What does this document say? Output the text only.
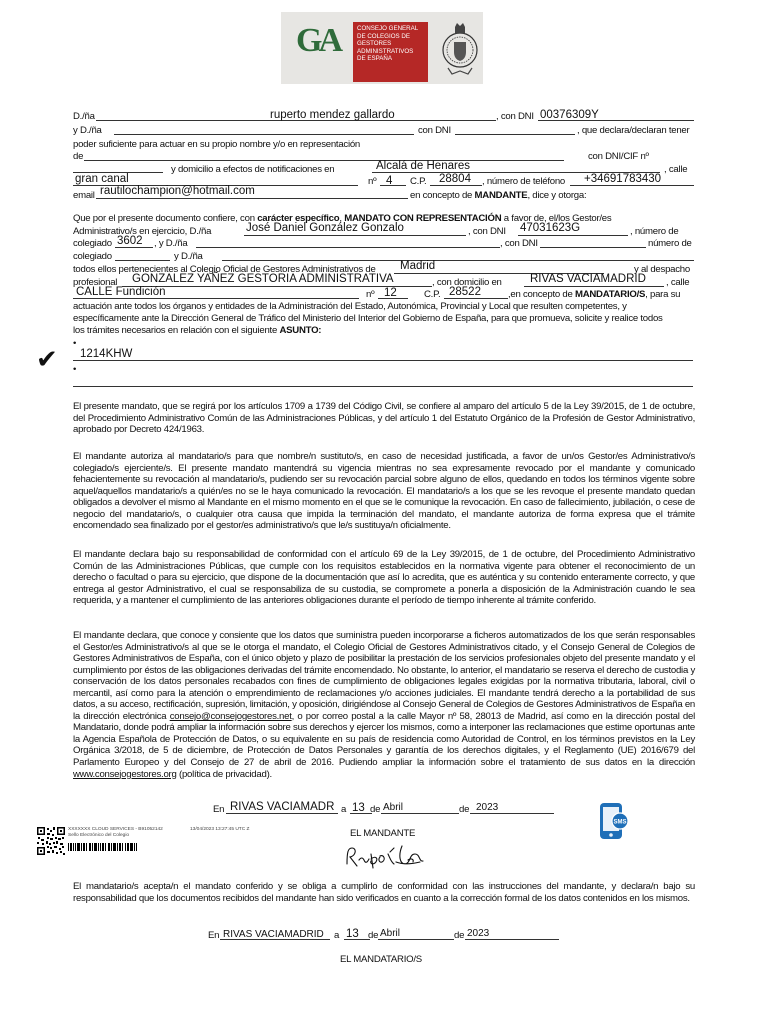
GA	CONSEJO GENERAL
DE COLEGIOS DE
GESTORES
ADMINISTRATIVOS
DE ESPAÑA
D./ña	ruperto mendez gallardo	, con DNI 00376309Y
y D./ña	con DNI	, que declara/declaran tener
poder suficiente para actuar en su propio nombre y/o en representación
de	con DNI/CIF nº
y domicilio a efectos de notificaciones en	Alcalá de Henares	, calle
gran canal	nº 4 C.P. 28804 , número de teléfono +34691783430
email rautilochampion@hotmail.com	en concepto de MANDANTE, dice y otorga:
Que por el presente documento confiere, con carácter específico, MANDATO CON REPRESENTACIÓN a favor de, el/los Gestor/es
Administrativo/s en ejercicio, D./ña	José Daniel González Gonzalo	, con DNI 47031623G	, número de
colegiado 3602 , y D./ña	, con DNI	número de
colegiado	y D./ña
todos ellos pertenecientes al Colegio Oficial de Gestores Administrativos de Madrid	y al despacho
profesional GONZALEZ YAÑEZ GESTORIA ADMINISTRATIVA	, con domicilio en RIVAS VACIAMADRID , calle
CALLE Fundición	nº 12	C.P. 28522	,en concepto de MANDATARIO/S, para su
actuación ante todos los órganos y entidades de la Administración del Estado, Autonómica, Provincial y Local que resulten competentes, y
específicamente ante la Dirección General de Tráfico del Ministerio del Interior del Gobierno de España, para que promueva, solicite y realice todos
los trámites necesarios en relación con el siguiente ASUNTO:
✔
•
1214KHW
•
El presente mandato, que se regirá por los artículos 1709 a 1739 del Código Civil, se confiere al amparo del artículo 5 de la Ley 39/2015, de 1 de octubre, del Procedimiento Administrativo Común de las Administraciones Públicas, y del artículo 1 del Estatuto Orgánico de la Profesión de Gestor Administrativo, aprobado por Decreto 424/1963.
El mandante autoriza al mandatario/s para que nombre/n sustituto/s, en caso de necesidad justificada, a favor de un/os Gestor/es Administrativo/s colegiado/s ejerciente/s. El presente mandato mantendrá su vigencia mientras no sea expresamente revocado por el mandante y comunicado fehacientemente su revocación al mandatario/s, pudiendo ser su revocación parcial sobre alguno de ellos, quedando en todos los términos vigente sobre aquel/aquellos mandatario/s a quién/es no se le haya comunicado la revocación. El mandatario/s a los que se les revoque el presente mandato quedan obligados a devolver el mismo al Mandante en el mismo momento en el que se le comunique la revocación. En caso de fallecimiento, jubilación, o cese de negocio del mandatario/s, o cualquier otra causa que impida la terminación del mandato, el mandante autoriza de forma expresa que el trámite encomendado sea finalizado por el gestor/es administrativo/s que le/s sustituya/n oficialmente.
El mandante declara bajo su responsabilidad de conformidad con el artículo 69 de la Ley 39/2015, de 1 de octubre, del Procedimiento Administrativo Común de las Administraciones Públicas, que cumple con los requisitos establecidos en la normativa vigente para obtener el reconocimiento de un derecho o facultad o para su ejercicio, que dispone de la documentación que así lo acredita, que es auténtica y su contenido enteramente correcto, y que entrega al gestor Administrativo, el cual se responsabiliza de su custodia, se compromete a ponerla a disposición de la Administración cuando le sea requerida, y a mantener el cumplimiento de las anteriores obligaciones durante el período de tiempo inherente al trámite conferido.
El mandante declara, que conoce y consiente que los datos que suministra pueden incorporarse a ficheros automatizados de los que serán responsables el Gestor/es Administrativo/s al que se le otorga el mandato, el Colegio Oficial de Gestores Administrativos citado, y el Consejo General de Colegios de Gestores Administrativos de España, con el único objeto y plazo de posibilitar la prestación de los servicios profesionales objeto del presente mandato y el cumplimiento por éstos de las obligaciones derivadas del trámite encomendado. No obstante, lo anterior, el mandatario se reserva el derecho de custodia y conservación de los datos personales recabados con fines de cumplimiento de obligaciones legales exigidas por la normativa tributaria, laboral, civil o mercantil, así como para la atención o emprendimiento de reclamaciones y/o acciones judiciales. El mandante tendrá derecho a la portabilidad de sus datos, a su acceso, rectificación, supresión, limitación, y oposición, dirigiéndose al Consejo General de Colegios de Gestores Administrativos de España en la dirección electrónica consejo@consejogestores.net, o por correo postal a la calle Mayor nº 58, 28013 de Madrid, así como en la dirección postal del Mandatario, donde podrá ampliar la información sobre sus derechos y ejercer los mismos, como a interponer las reclamaciones que estime oportunas ante la Agencia Española de Protección de Datos, o su equivalente en su país de residencia como Autoridad de Control, en los términos previstos en la Ley Orgánica 3/2018, de 5 de diciembre, de Protección de Datos Personales y garantía de los derechos digitales, y el Reglamento (UE) 2016/679 del Parlamento Europeo y del Consejo de 27 de abril de 2016. Pudiendo ampliar la información sobre el tratamiento de sus datos en la dirección www.consejogestores.org (política de privacidad).
En RIVAS VACIAMADR a 13 de Abril	de 2023
SMS
XXXXXXX CLOUD SERVICES - B91052142
Sello Electrónico del Colegio
13/04/2023 13:27:45 UTC Z	EL MANDANTE
El mandatario/s acepta/n el mandato conferido y se obliga a cumplirlo de conformidad con las instrucciones del mandante, y declara/n bajo su responsabilidad que los documentos recibidos del mandante han sido verificados en cuanto a la corrección formal de los datos contenidos en los mismos.
En RIVAS VACIAMADRID a 13 de Abril	de 2023
EL MANDATARIO/S
